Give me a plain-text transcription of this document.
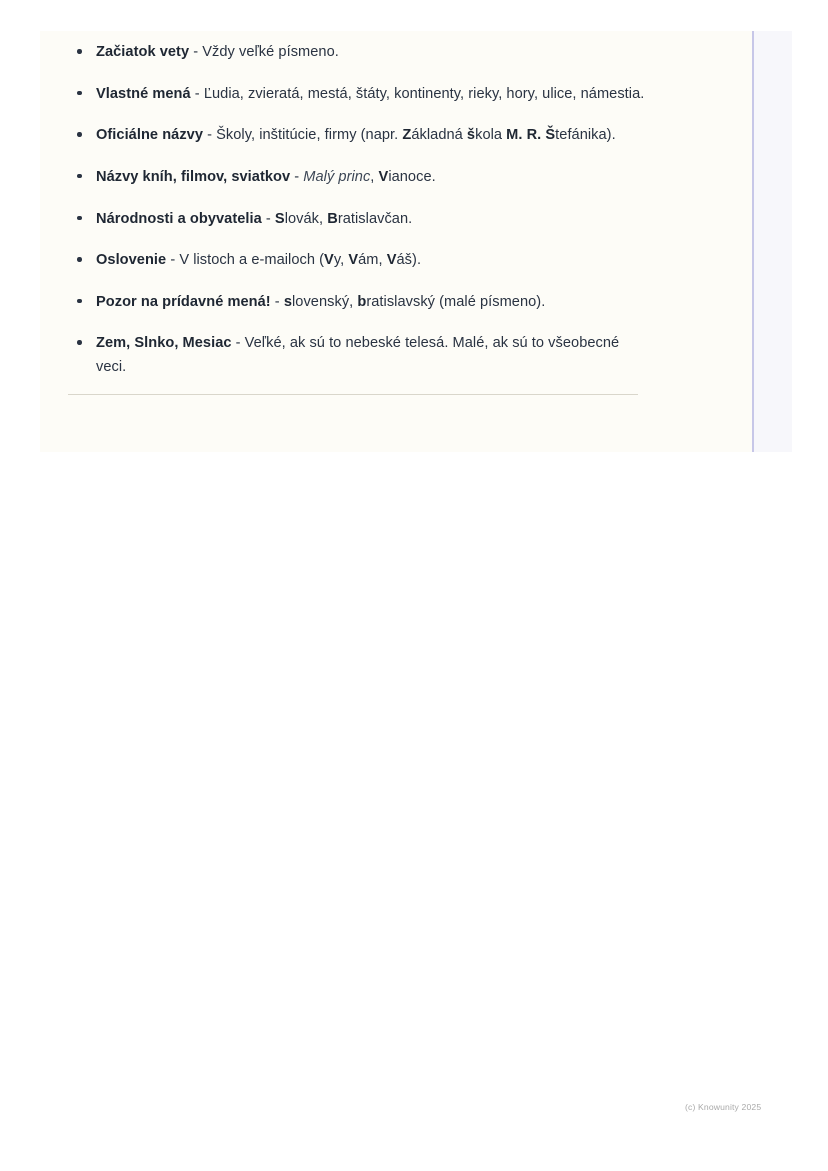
Začiatok vety - Vždy veľké písmeno.
Vlastné mená - Ľudia, zvieratá, mestá, štáty, kontinenty, rieky, hory, ulice, námestia.
Oficiálne názvy - Školy, inštitúcie, firmy (napr. Základná škola M. R. Štefánika).
Názvy kníh, filmov, sviatkov - Malý princ, Vianoce.
Národnosti a obyvatelia - Slovák, Bratislavčan.
Oslovenie - V listoch a e-mailoch (Vy, Vám, Váš).
Pozor na prídavné mená! - slovenský, bratislavský (malé písmeno).
Zem, Slnko, Mesiac - Veľké, ak sú to nebeské telesá. Malé, ak sú to všeobecné veci.
(c) Knowunity 2025
